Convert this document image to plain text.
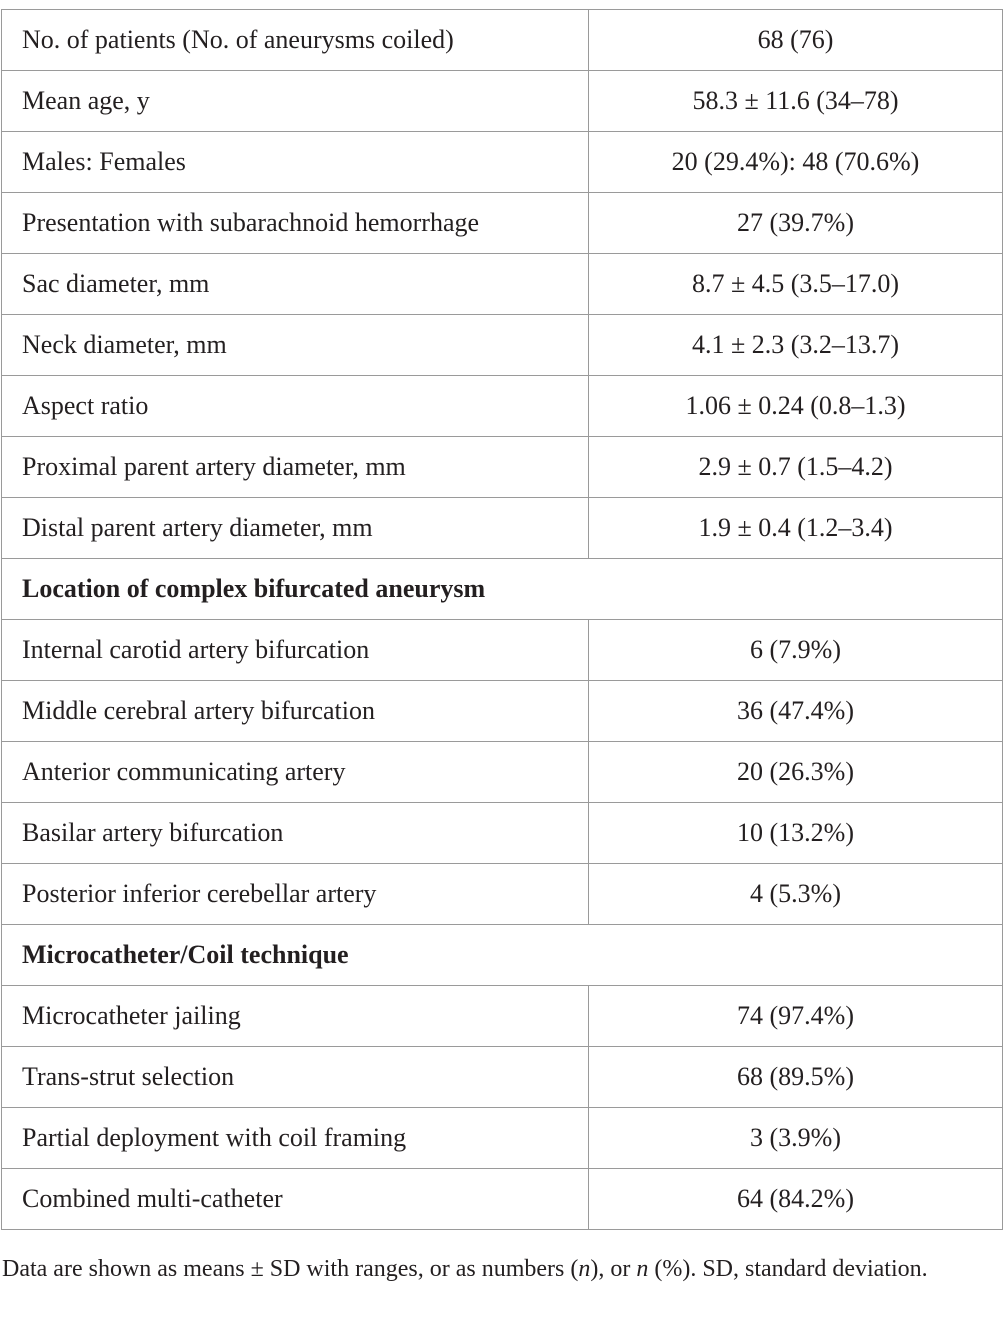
No. of patients (No. of aneurysms coiled)	68 (76)
Mean age, y	58.3 ± 11.6 (34–78)
Males: Females	20 (29.4%): 48 (70.6%)
Presentation with subarachnoid hemorrhage	27 (39.7%)
Sac diameter, mm	8.7 ± 4.5 (3.5–17.0)
Neck diameter, mm	4.1 ± 2.3 (3.2–13.7)
Aspect ratio	1.06 ± 0.24 (0.8–1.3)
Proximal parent artery diameter, mm	2.9 ± 0.7 (1.5–4.2)
Distal parent artery diameter, mm	1.9 ± 0.4 (1.2–3.4)
Location of complex bifurcated aneurysm	
Internal carotid artery bifurcation	6 (7.9%)
Middle cerebral artery bifurcation	36 (47.4%)
Anterior communicating artery	20 (26.3%)
Basilar artery bifurcation	10 (13.2%)
Posterior inferior cerebellar artery	4 (5.3%)
Microcatheter/Coil technique	
Microcatheter jailing	74 (97.4%)
Trans-strut selection	68 (89.5%)
Partial deployment with coil framing	3 (3.9%)
Combined multi-catheter	64 (84.2%)
Data are shown as means ± SD with ranges, or as numbers (n), or n (%). SD, standard deviation.
